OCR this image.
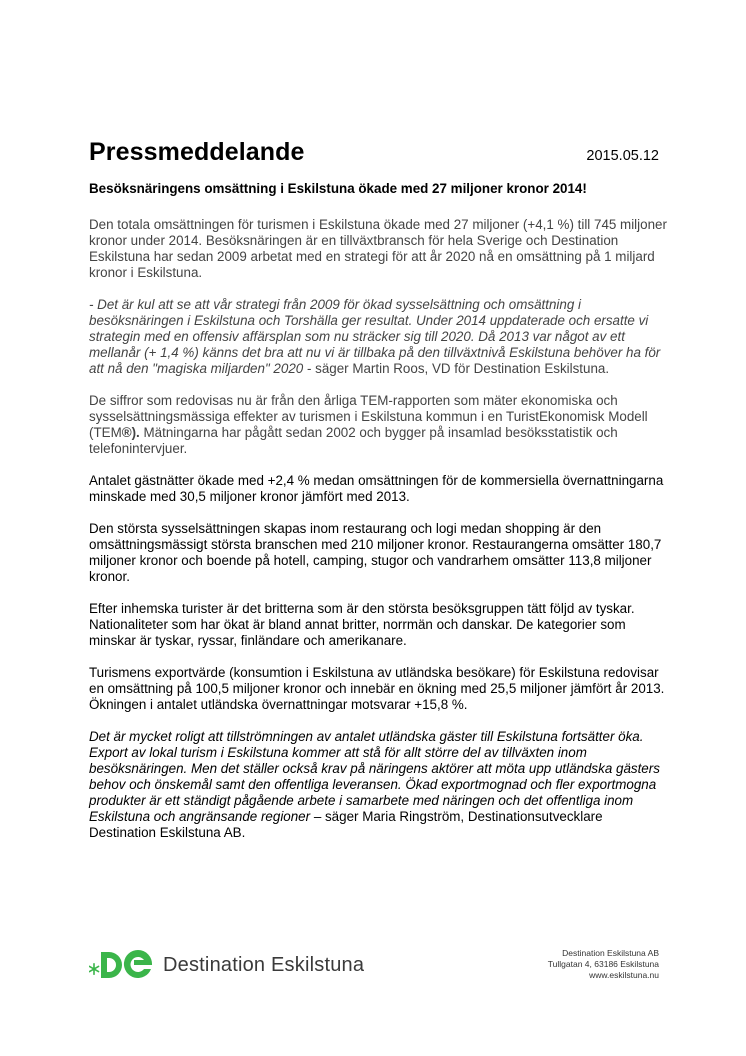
Pressmeddelande	2015.05.12

Besöksnäringens omsättning i Eskilstuna ökade med 27 miljoner kronor 2014!

Den totala omsättningen för turismen i Eskilstuna ökade med 27 miljoner (+4,1 %) till 745 miljoner kronor under 2014. Besöksnäringen är en tillväxtbransch för hela Sverige och Destination Eskilstuna har sedan 2009 arbetat med en strategi för att år 2020 nå en omsättning på 1 miljard kronor i Eskilstuna.

- Det är kul att se att vår strategi från 2009 för ökad sysselsättning och omsättning i besöksnäringen i Eskilstuna och Torshälla ger resultat. Under 2014 uppdaterade och ersatte vi strategin med en offensiv affärsplan som nu sträcker sig till 2020. Då 2013 var något av ett mellanår (+ 1,4 %) känns det bra att nu vi är tillbaka på den tillväxtnivå Eskilstuna behöver ha för att nå den "magiska miljarden" 2020 - säger Martin Roos, VD för Destination Eskilstuna.

De siffror som redovisas nu är från den årliga TEM-rapporten som mäter ekonomiska och sysselsättningsmässiga effekter av turismen i Eskilstuna kommun i en TuristEkonomisk Modell (TEM®). Mätningarna har pågått sedan 2002 och bygger på insamlad besöksstatistik och telefonintervjuer.

Antalet gästnätter ökade med +2,4 % medan omsättningen för de kommersiella övernattningarna minskade med 30,5 miljoner kronor jämfört med 2013.

Den största sysselsättningen skapas inom restaurang och logi medan shopping är den omsättningsmässigt största branschen med 210 miljoner kronor. Restaurangerna omsätter 180,7 miljoner kronor och boende på hotell, camping, stugor och vandrarhem omsätter 113,8 miljoner kronor.

Efter inhemska turister är det britterna som är den största besöksgruppen tätt följd av tyskar. Nationaliteter som har ökat är bland annat britter, norrmän och danskar. De kategorier som minskar är tyskar, ryssar, finländare och amerikanare.

Turismens exportvärde (konsumtion i Eskilstuna av utländska besökare) för Eskilstuna redovisar en omsättning på 100,5 miljoner kronor och innebär en ökning med 25,5 miljoner jämfört år 2013. Ökningen i antalet utländska övernattningar motsvarar +15,8 %.

Det är mycket roligt att tillströmningen av antalet utländska gäster till Eskilstuna fortsätter öka. Export av lokal turism i Eskilstuna kommer att stå för allt större del av tillväxten inom besöksnäringen. Men det ställer också krav på näringens aktörer att möta upp utländska gästers behov och önskemål samt den offentliga leveransen. Ökad exportmognad och fler exportmogna produkter är ett ständigt pågående arbete i samarbete med näringen och det offentliga inom Eskilstuna och angränsande regioner – säger Maria Ringström, Destinationsutvecklare Destination Eskilstuna AB.

Destination Eskilstuna
Destination Eskilstuna AB
Tullgatan 4, 63186 Eskilstuna
www.eskilstuna.nu
